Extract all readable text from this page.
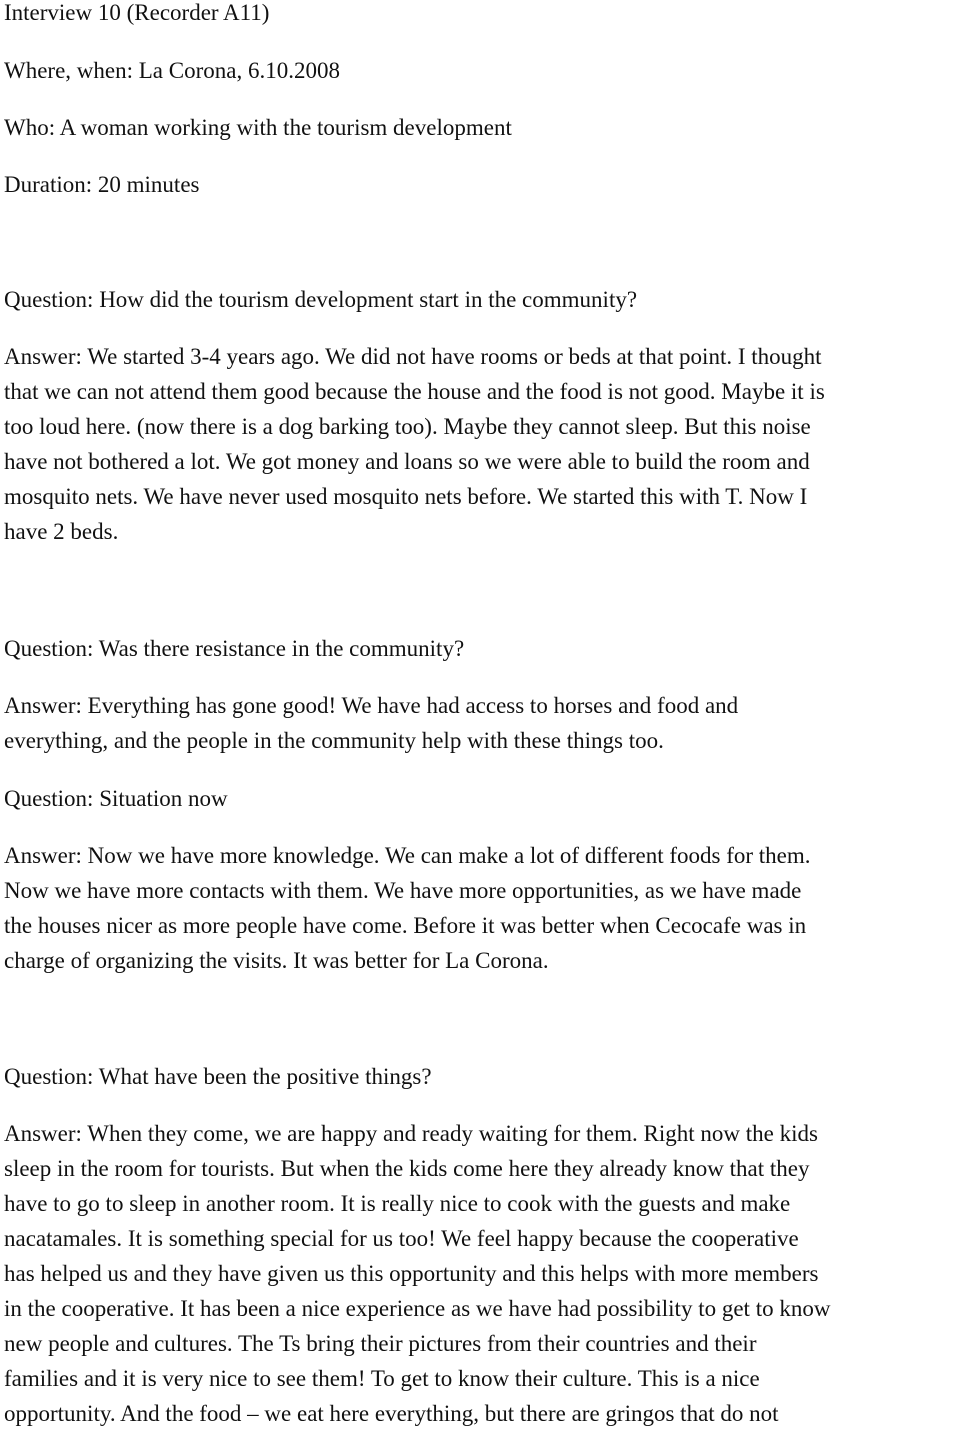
Interview 10 (Recorder A11)

Where, when: La Corona, 6.10.2008

Who: A woman working with the tourism development

Duration: 20 minutes

Question: How did the tourism development start in the community?

Answer: We started 3-4 years ago. We did not have rooms or beds at that point. I thought
that we can not attend them good because the house and the food is not good. Maybe it is
too loud here. (now there is a dog barking too). Maybe they cannot sleep. But this noise
have not bothered a lot. We got money and loans so we were able to build the room and
mosquito nets. We have never used mosquito nets before. We started this with T. Now I
have 2 beds.

Question: Was there resistance in the community?

Answer: Everything has gone good! We have had access to horses and food and
everything, and the people in the community help with these things too.

Question: Situation now

Answer: Now we have more knowledge. We can make a lot of different foods for them.
Now we have more contacts with them. We have more opportunities, as we have made
the houses nicer as more people have come. Before it was better when Cecocafe was in
charge of organizing the visits. It was better for La Corona.

Question: What have been the positive things?

Answer: When they come, we are happy and ready waiting for them. Right now the kids
sleep in the room for tourists. But when the kids come here they already know that they
have to go to sleep in another room. It is really nice to cook with the guests and make
nacatamales. It is something special for us too! We feel happy because the cooperative
has helped us and they have given us this opportunity and this helps with more members
in the cooperative. It has been a nice experience as we have had possibility to get to know
new people and cultures. The Ts bring their pictures from their countries and their
families and it is very nice to see them! To get to know their culture. This is a nice
opportunity. And the food – we eat here everything, but there are gringos that do not
